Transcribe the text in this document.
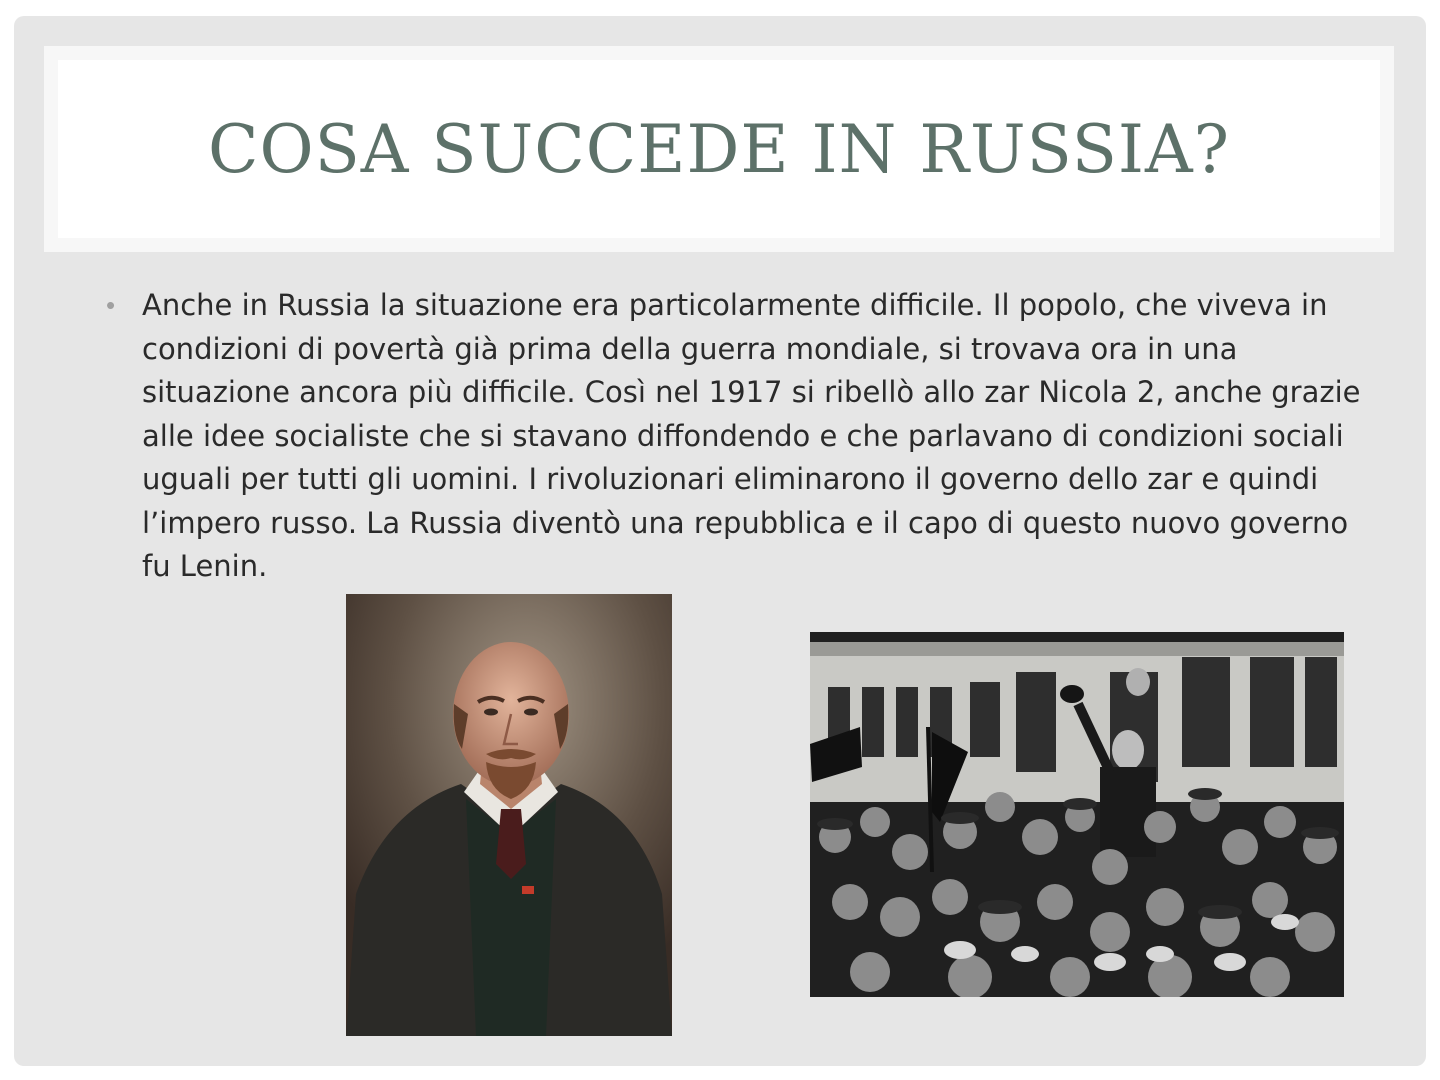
COSA SUCCEDE IN RUSSIA?
• Anche in Russia la situazione era particolarmente difficile. Il popolo, che viveva in condizioni di povertà già prima della guerra mondiale, si trovava ora in una situazione ancora più difficile. Così nel 1917 si ribellò allo zar Nicola 2, anche grazie alle idee socialiste che si stavano diffondendo e che parlavano di condizioni sociali uguali per tutti gli uomini. I rivoluzionari eliminarono il governo dello zar e quindi l’impero russo. La Russia diventò una repubblica e il capo di questo nuovo governo fu Lenin.
